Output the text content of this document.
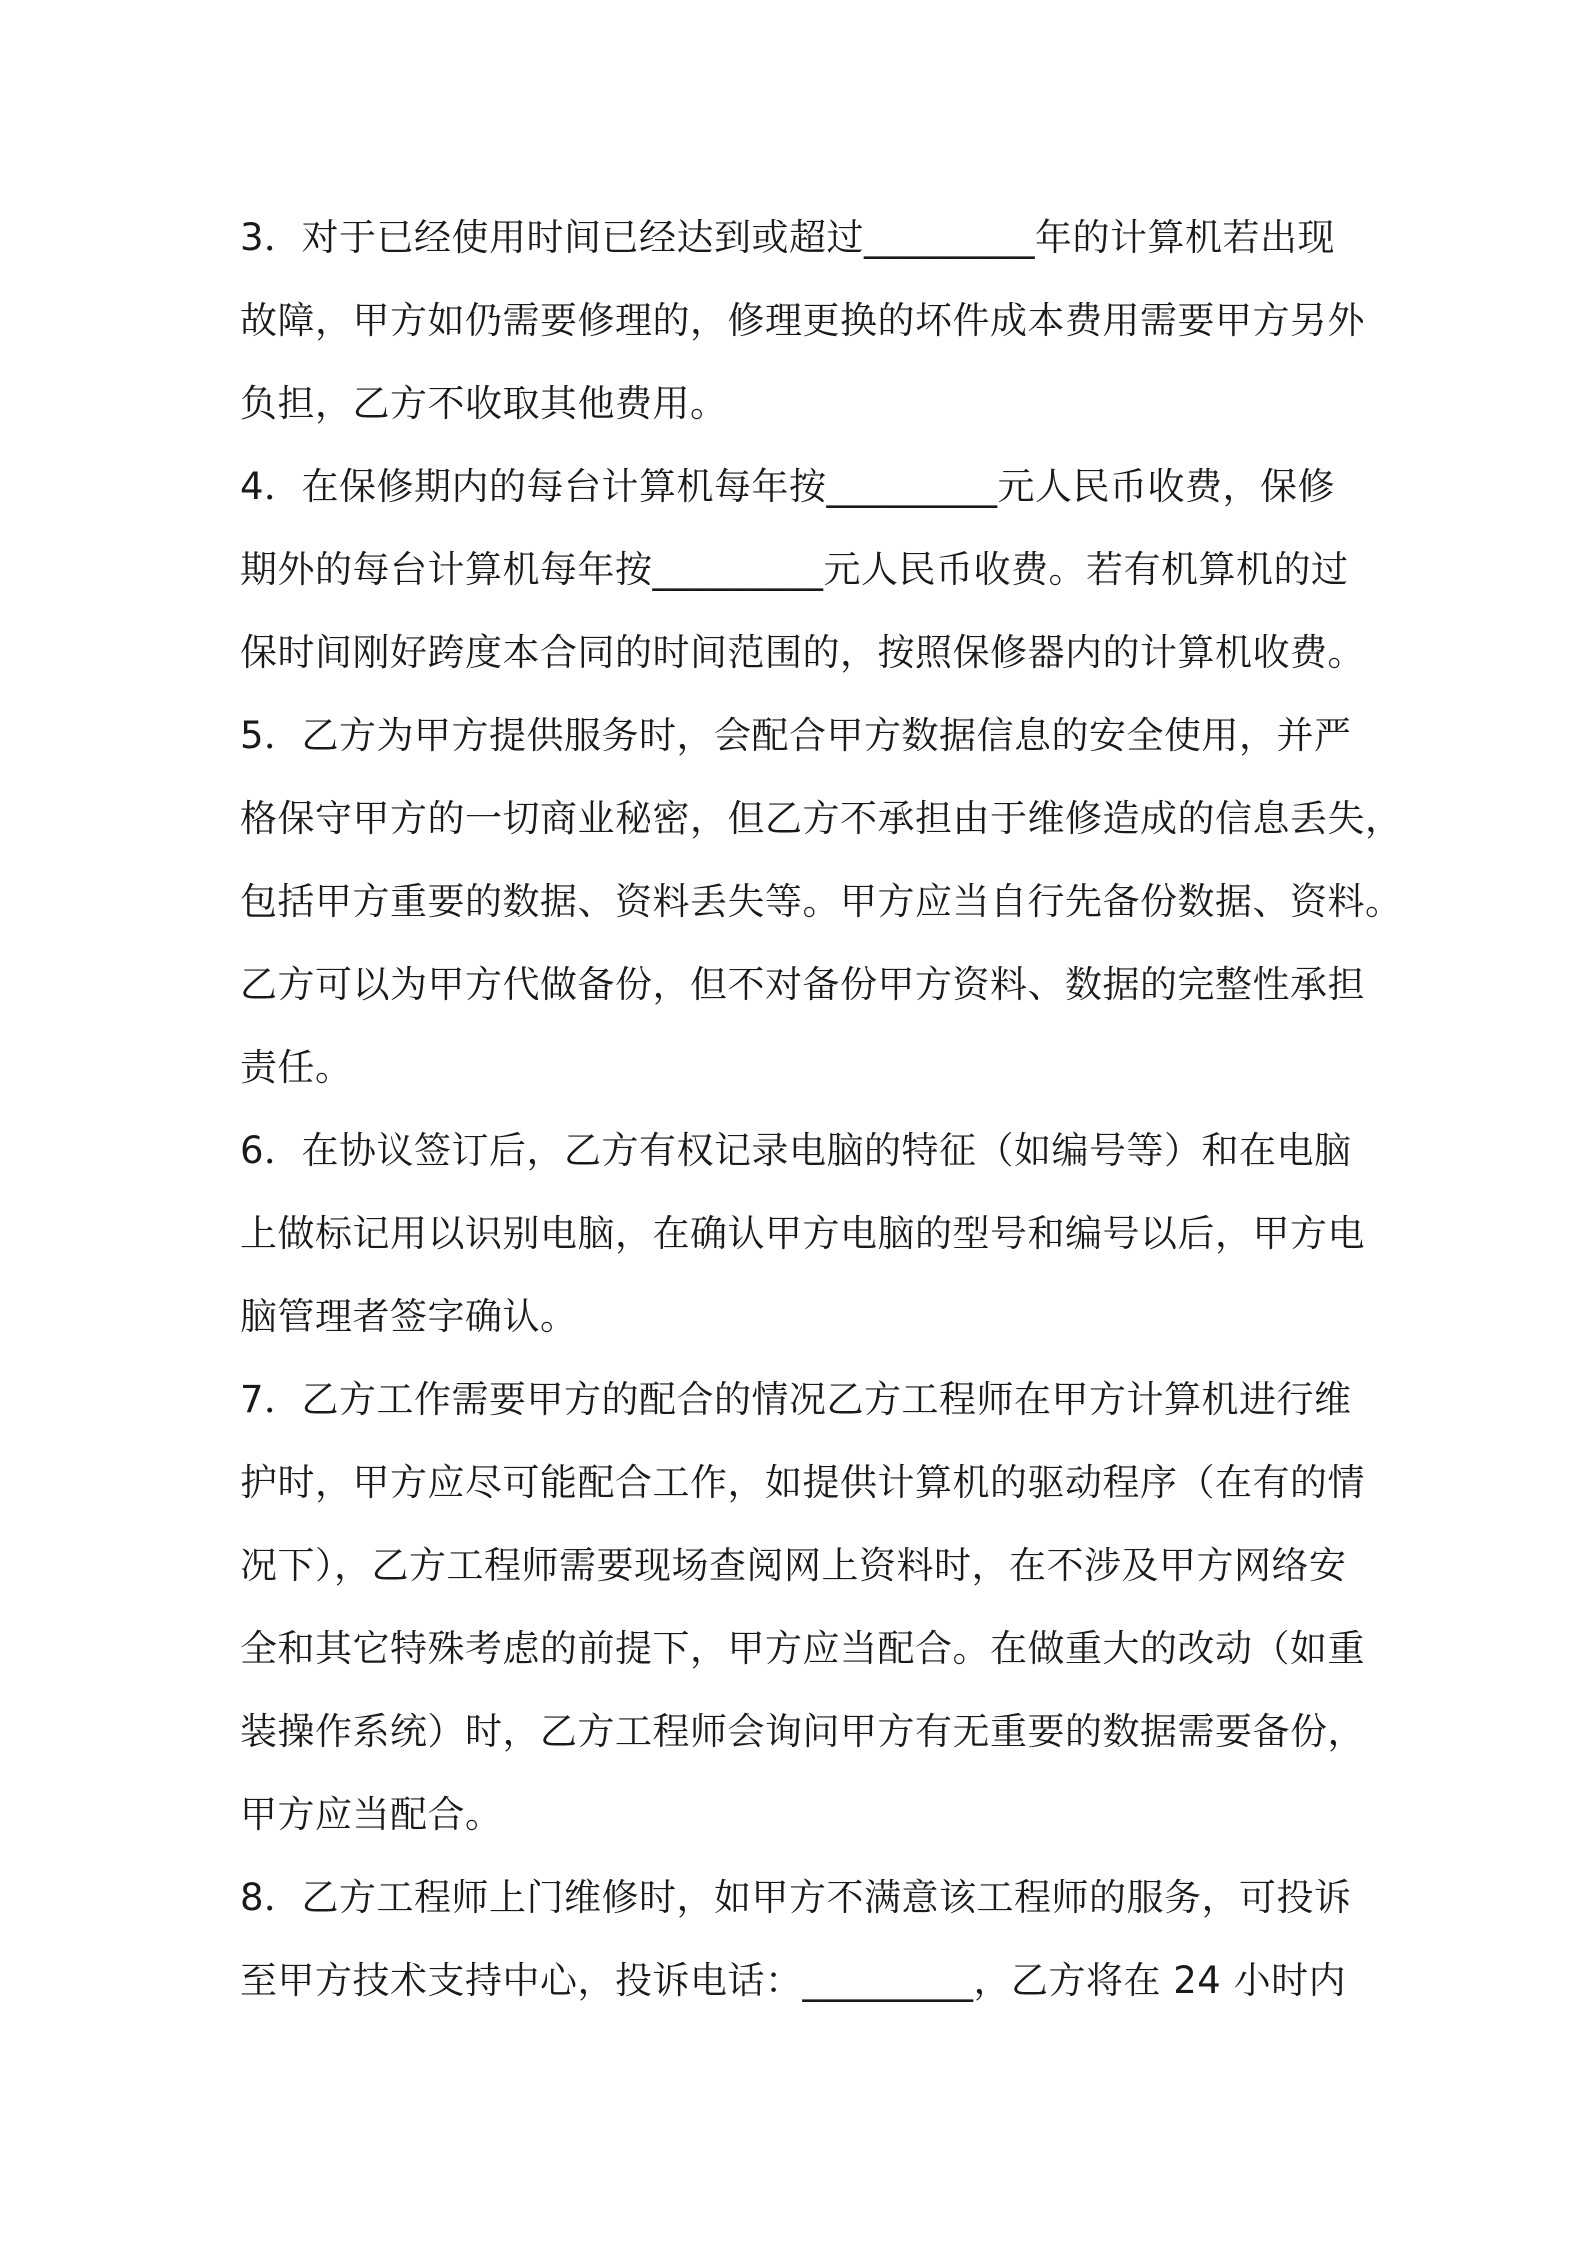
3．对于已经使用时间已经达到或超过_________年的计算机若出现
故障，甲方如仍需要修理的，修理更换的坏件成本费用需要甲方另外
负担，乙方不收取其他费用。
4．在保修期内的每台计算机每年按_________元人民币收费，保修
期外的每台计算机每年按_________元人民币收费。若有机算机的过
保时间刚好跨度本合同的时间范围的，按照保修器内的计算机收费。
5．乙方为甲方提供服务时，会配合甲方数据信息的安全使用，并严
格保守甲方的一切商业秘密，但乙方不承担由于维修造成的信息丢失，
包括甲方重要的数据、资料丢失等。甲方应当自行先备份数据、资料。
乙方可以为甲方代做备份，但不对备份甲方资料、数据的完整性承担
责任。
6．在协议签订后，乙方有权记录电脑的特征（如编号等）和在电脑
上做标记用以识别电脑，在确认甲方电脑的型号和编号以后，甲方电
脑管理者签字确认。
7．乙方工作需要甲方的配合的情况乙方工程师在甲方计算机进行维
护时，甲方应尽可能配合工作，如提供计算机的驱动程序（在有的情
况下），乙方工程师需要现场查阅网上资料时，在不涉及甲方网络安
全和其它特殊考虑的前提下，甲方应当配合。在做重大的改动（如重
装操作系统）时，乙方工程师会询问甲方有无重要的数据需要备份，
甲方应当配合。
8．乙方工程师上门维修时，如甲方不满意该工程师的服务，可投诉
至甲方技术支持中心，投诉电话：_________，乙方将在 24 小时内
